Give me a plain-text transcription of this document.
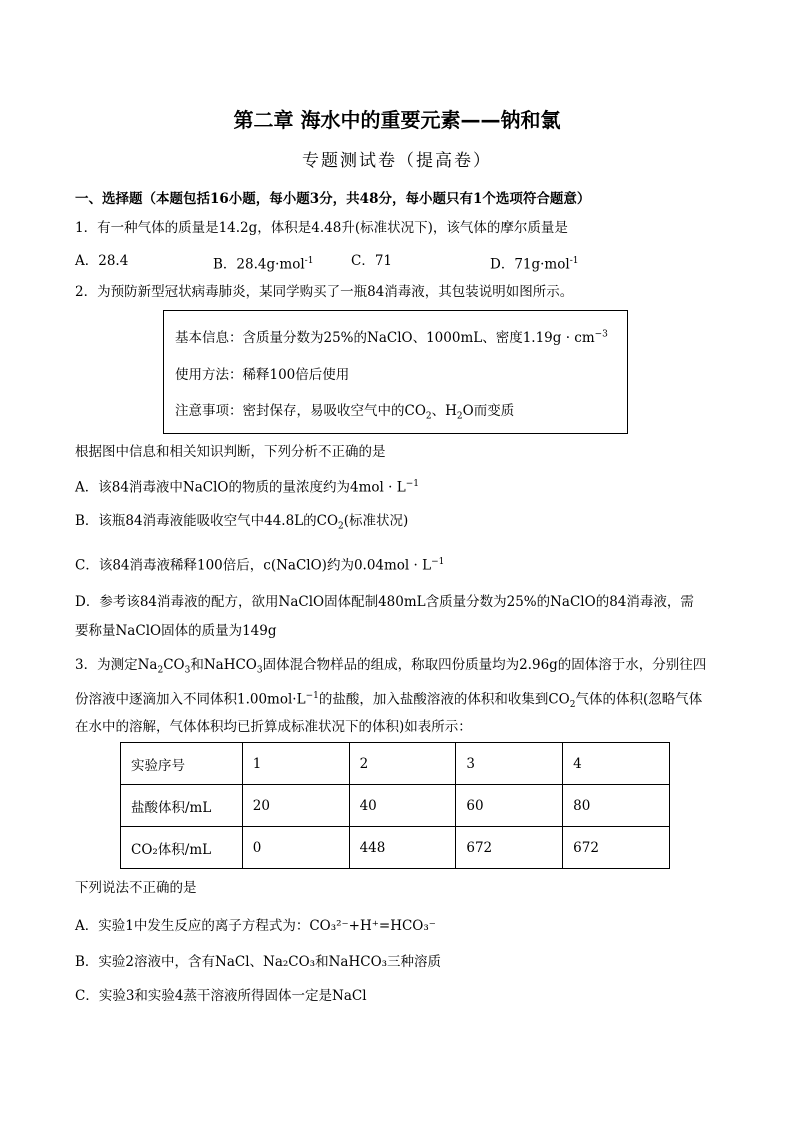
第二章 海水中的重要元素——钠和氯
专题测试卷（提高卷）
一、选择题（本题包括16小题，每小题3分，共48分，每小题只有1个选项符合题意）
1．有一种气体的质量是14.2g，体积是4.48升(标准状况下)，该气体的摩尔质量是
A．28.4	B．28.4g·mol$^{-1}$	C．71	D．71g·mol$^{-1}$
2．为预防新型冠状病毒肺炎，某同学购买了一瓶84消毒液，其包装说明如图所示。
基本信息：含质量分数为25%的NaClO、1000mL、密度$1.19g \cdot cm^{-3}$
使用方法：稀释100倍后使用
注意事项：密封保存，易吸收空气中的$CO_2$、$H_2O$而变质
根据图中信息和相关知识判断，下列分析不正确的是
A．该84消毒液中NaClO的物质的量浓度约为$4mol \cdot L^{-1}$
B．该瓶84消毒液能吸收空气中44.8L的$CO_2$(标准状况)
C．该84消毒液稀释100倍后，c(NaClO)约为$0.04mol \cdot L^{-1}$
D．参考该84消毒液的配方，欲用NaClO固体配制480mL含质量分数为25%的NaClO的84消毒液，需
要称量NaClO固体的质量为149g
3．为测定$Na_2CO_3$和NaHCO$_3$固体混合物样品的组成，称取四份质量均为2.96g的固体溶于水，分别往四
份溶液中逐滴加入不同体积$1.00mol\cdot L^{-1}$的盐酸，加入盐酸溶液的体积和收集到$CO_2$气体的体积(忽略气体
在水中的溶解，气体体积均已折算成标准状况下的体积)如表所示：
实验序号	1	2	3	4
盐酸体积/mL	20	40	60	80
CO₂体积/mL	0	448	672	672
下列说法不正确的是
A．实验1中发生反应的离子方程式为：CO₃²⁻+H⁺=HCO₃⁻
B．实验2溶液中，含有NaCl、Na₂CO₃和NaHCO₃三种溶质
C．实验3和实验4蒸干溶液所得固体一定是NaCl
